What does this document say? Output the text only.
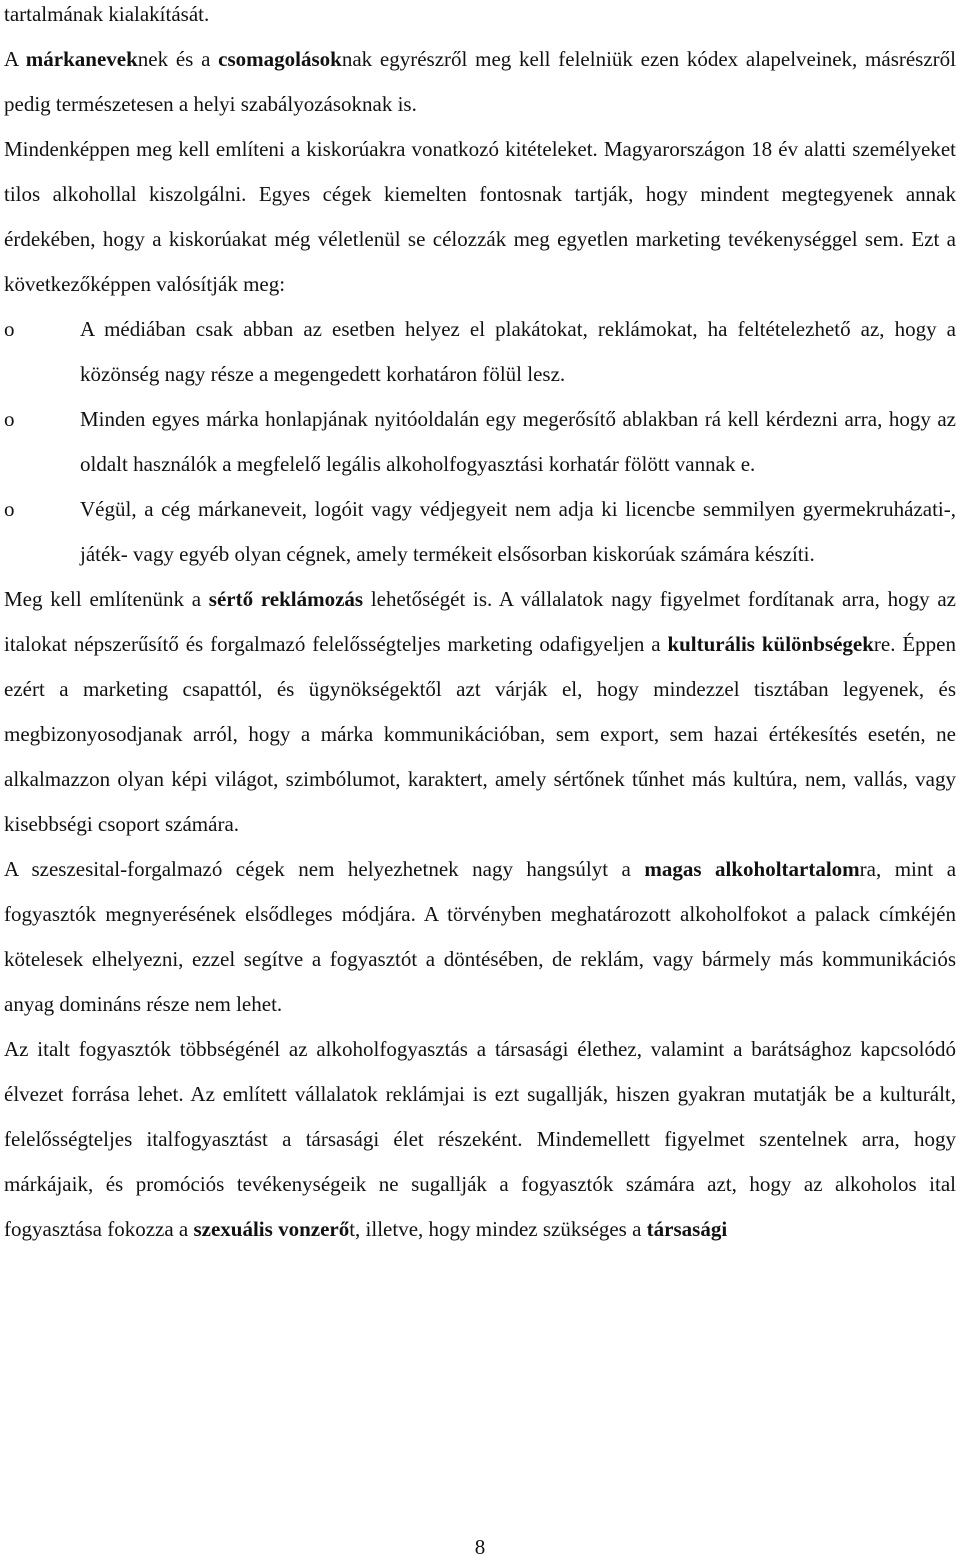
tartalmának kialakítását.

A márkaneveknek és a csomagolásoknak egyrészről meg kell felelniük ezen kódex alapelveinek, másrészről pedig természetesen a helyi szabályozásoknak is.

Mindenképpen meg kell említeni a kiskorúakra vonatkozó kitételeket. Magyarországon 18 év alatti személyeket tilos alkohollal kiszolgálni. Egyes cégek kiemelten fontosnak tartják, hogy mindent megtegyenek annak érdekében, hogy a kiskorúakat még véletlenül se célozzák meg egyetlen marketing tevékenységgel sem. Ezt a következőképpen valósítják meg:

o	A médiában csak abban az esetben helyez el plakátokat, reklámokat, ha feltételezhető az, hogy a közönség nagy része a megengedett korhatáron fölül lesz.
o	Minden egyes márka honlapjának nyitóoldalán egy megerősítő ablakban rá kell kérdezni arra, hogy az oldalt használók a megfelelő legális alkoholfogyasztási korhatár fölött vannak e.
o	Végül, a cég márkaneveit, logóit vagy védjegyeit nem adja ki licencbe semmilyen gyermekruházati-, játék- vagy egyéb olyan cégnek, amely termékeit elsősorban kiskorúak számára készíti.

Meg kell említenünk a sértő reklámozás lehetőségét is. A vállalatok nagy figyelmet fordítanak arra, hogy az italokat népszerűsítő és forgalmazó felelősségteljes marketing odafigyeljen a kulturális különbségekre. Éppen ezért a marketing csapattól, és ügynökségektől azt várják el, hogy mindezzel tisztában legyenek, és megbizonyosodjanak arról, hogy a márka kommunikációban, sem export, sem hazai értékesítés esetén, ne alkalmazzon olyan képi világot, szimbólumot, karaktert, amely sértőnek tűnhet más kultúra, nem, vallás, vagy kisebbségi csoport számára.

A szeszesital-forgalmazó cégek nem helyezhetnek nagy hangsúlyt a magas alkoholtartalomra, mint a fogyasztók megnyerésének elsődleges módjára. A törvényben meghatározott alkoholfokot a palack címkéjén kötelesek elhelyezni, ezzel segítve a fogyasztót a döntésében, de reklám, vagy bármely más kommunikációs anyag domináns része nem lehet.

Az italt fogyasztók többségénél az alkoholfogyasztás a társasági élethez, valamint a barátsághoz kapcsolódó élvezet forrása lehet. Az említett vállalatok reklámjai is ezt sugallják, hiszen gyakran mutatják be a kulturált, felelősségteljes italfogyasztást a társasági élet részeként. Mindemellett figyelmet szentelnek arra, hogy márkájaik, és promóciós tevékenységeik ne sugallják a fogyasztók számára azt, hogy az alkoholos ital fogyasztása fokozza a szexuális vonzerőt, illetve, hogy mindez szükséges a társasági

8
